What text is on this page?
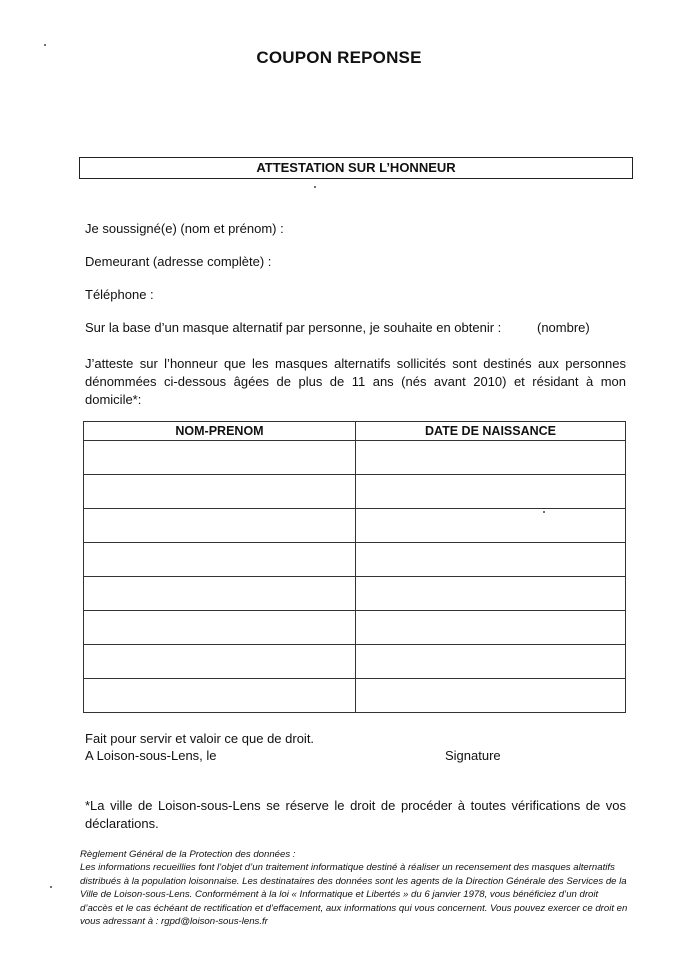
COUPON REPONSE
ATTESTATION SUR L’HONNEUR
Je soussigné(e) (nom et prénom) :
Demeurant (adresse complète) :
Téléphone :
Sur la base d’un masque alternatif par personne, je souhaite en obtenir :	(nombre)
J’atteste sur l’honneur que les masques alternatifs sollicités sont destinés aux personnes dénommées ci-dessous âgées de plus de 11 ans (nés avant 2010) et résidant à mon domicile*:
NOM-PRENOM	DATE DE NAISSANCE

Fait pour servir et valoir ce que de droit.
A Loison-sous-Lens, le	Signature
*La ville de Loison-sous-Lens se réserve le droit de procéder à toutes vérifications de vos déclarations.

Règlement Général de la Protection des données :

Les informations recueillies font l’objet d’un traitement informatique destiné à réaliser un recensement des masques alternatifs distribués à la population loisonnaise. Les destinataires des données sont les agents de la Direction Générale des Services de la Ville de Loison-sous-Lens. Conformément à la loi « Informatique et Libertés » du 6 janvier 1978, vous bénéficiez d’un droit d’accès et le cas échéant de rectification et d’effacement, aux informations qui vous concernent. Vous pouvez exercer ce droit en vous adressant à : rgpd@loison-sous-lens.fr
